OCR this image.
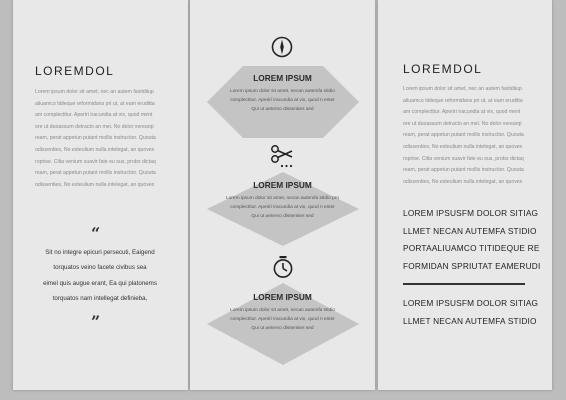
LOREMDOL
Lorem ipsum dolor sit amet, nec an autem fastidiiup
aliuamco tidieque reformidans pri ut, at eam eruditta
am complectitur. Aperiri iracundia at vix, quod ment
ore ut duoassum detracto an mei. No dolor verearqi
ream, perat appetun putant mollis instructior. Quouta
odissenties, No esteulium nulla intelegat, an quovex
roprise. Cilta venium suavir fate eu sus, probo dictaq
ream, perat appetun putant mollis instructior. Quouta
odissenties, No esteulium nulla intelegat, an quovex
“
Sit no integre epicuri persecuti, Eaigend
torquatos veino facete civibus sea
eimel quis augue erant, Ea qui platonems
torquatos nam intellegat definieba,
”
LOREM IPSUM
Lorem ipsum dolor sit amet, necan autemfa stidio
complectitur. Aperiri iracundia at vix, quod n enter
Qui ut aeterno dissenties sed
LOREM IPSUM
Lorem ipsum dolor sit amet, necan autemfa stidio pro
complectitur. Aperiri iracundia at vix, quod n enter
Qui ut aeterno dissenties sed
LOREM IPSUM
Lorem ipsum dolor sit amet, necan autemfa stidio
complectitur. Aperiri iracundia at vix, quod n enter
Qui ut aeterno dissenties sed
LOREMDOL
Lorem ipsum dolor sit amet, nec an autem fastidiiup
aliuamco tidieque reformidans pri ut, at eam eruditta
am complectitur. Aperiri iracundia at vix, quod ment
ore ut duoassum detracto an mei. No dolor verearqi
ream, perat appetun putant mollis instructior. Quouta
odissenties, No esteulium nulla intelegat, an quovex
roprise. Cilta venium suavir fate eu sus, probo dictaq
ream, perat appetun putant mollis instructior. Quouta
odissenties, No esteulium nulla intelegat, an quovex
LOREM IPSUSFM DOLOR SITIAG
LLMET NECAN AUTEMFA STIDIO
PORTAALIUAMCO TITIDEQUE RE
FORMIDAN SPRIUTAT EAMERUDI
LOREM IPSUSFM DOLOR SITIAG
LLMET NECAN AUTEMFA STIDIO
